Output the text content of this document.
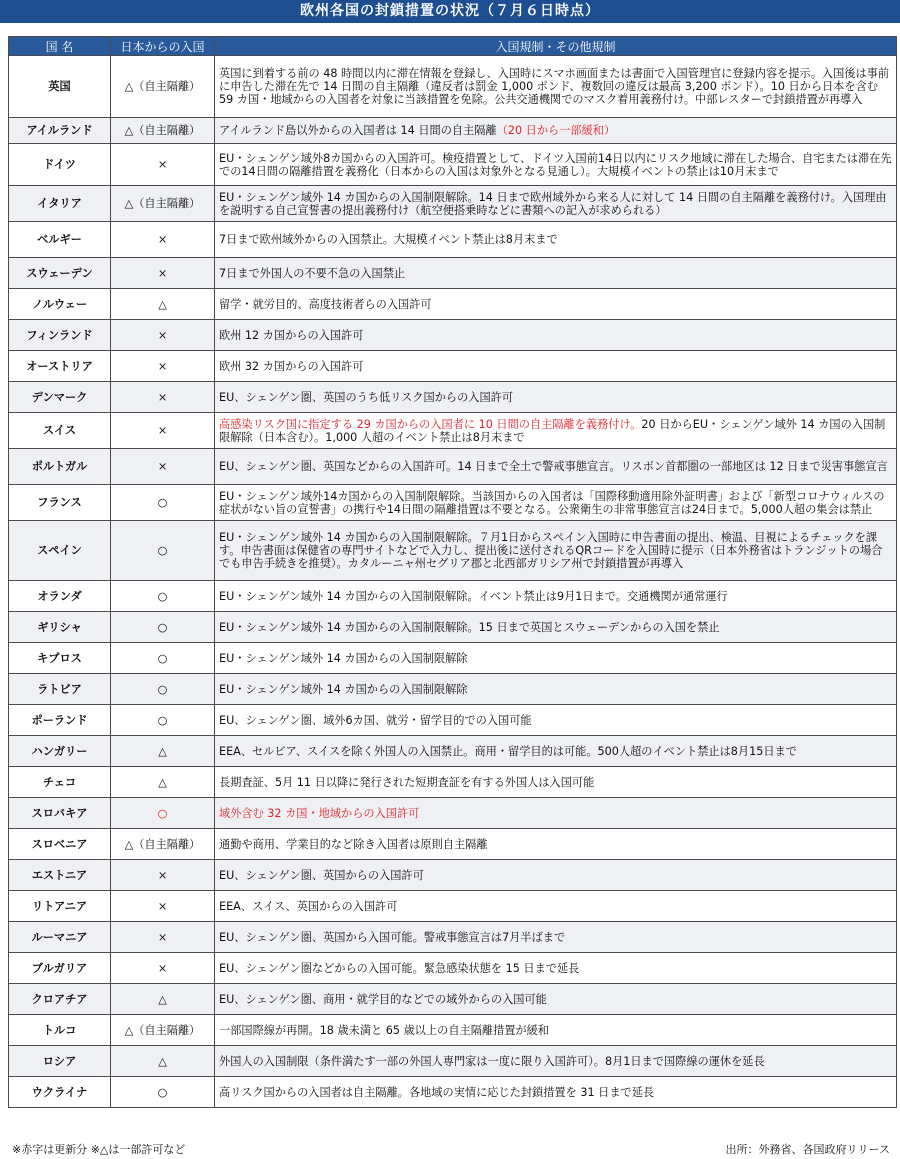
欧州各国の封鎖措置の状況（７月６日時点）
国 名	日本からの入国	入国規制・その他規制
英国	△（自主隔離）	英国に到着する前の 48 時間以内に滞在情報を登録し、入国時にスマホ画面または書面で入国管理官に登録内容を提示。入国後は事前に申告した滞在先で 14 日間の自主隔離（違反者は罰金 1,000 ポンド、複数回の違反は最高 3,200 ポンド）。10 日から日本を含む 59 カ国・地域からの入国者を対象に当該措置を免除。公共交通機関でのマスク着用義務付け。中部レスターで封鎖措置が再導入
アイルランド	△（自主隔離）	アイルランド島以外からの入国者は 14 日間の自主隔離（20 日から一部緩和）
ドイツ	×	EU・シェンゲン域外8カ国からの入国許可。検疫措置として、ドイツ入国前14日以内にリスク地域に滞在した場合、自宅または滞在先での14日間の隔離措置を義務化（日本からの入国は対象外となる見通し）。大規模イベントの禁止は10月末まで
イタリア	△（自主隔離）	EU・シェンゲン域外 14 カ国からの入国制限解除。14 日まで欧州域外から来る人に対して 14 日間の自主隔離を義務付け。入国理由を説明する自己宣誓書の提出義務付け（航空便搭乗時などに書類への記入が求められる）
ベルギー	×	7日まで欧州域外からの入国禁止。大規模イベント禁止は8月末まで
スウェーデン	×	7日まで外国人の不要不急の入国禁止
ノルウェー	△	留学・就労目的、高度技術者らの入国許可
フィンランド	×	欧州 12 カ国からの入国許可
オーストリア	×	欧州 32 カ国からの入国許可
デンマーク	×	EU、シェンゲン圏、英国のうち低リスク国からの入国許可
スイス	×	高感染リスク国に指定する 29 カ国からの入国者に 10 日間の自主隔離を義務付け。20 日からEU・シェンゲン域外 14 カ国の入国制限解除（日本含む）。1,000 人超のイベント禁止は8月末まで
ポルトガル	×	EU、シェンゲン圏、英国などからの入国許可。14 日まで全土で警戒事態宣言。リスボン首都圏の一部地区は 12 日まで災害事態宣言
フランス	○	EU・シェンゲン域外14カ国からの入国制限解除。当該国からの入国者は「国際移動適用除外証明書」および「新型コロナウィルスの症状がない旨の宣誓書」の携行や14日間の隔離措置は不要となる。公衆衛生の非常事態宣言は24日まで。5,000人超の集会は禁止
スペイン	○	EU・シェンゲン域外 14 カ国からの入国制限解除。７月1日からスペイン入国時に申告書面の提出、検温、目視によるチェックを課す。申告書面は保健省の専門サイトなどで入力し、提出後に送付されるQRコードを入国時に提示（日本外務省はトランジットの場合でも申告手続きを推奨）。カタルーニャ州セグリア郡と北西部ガリシア州で封鎖措置が再導入
オランダ	○	EU・シェンゲン域外 14 カ国からの入国制限解除。イベント禁止は9月1日まで。交通機関が通常運行
ギリシャ	○	EU・シェンゲン域外 14 カ国からの入国制限解除。15 日まで英国とスウェーデンからの入国を禁止
キプロス	○	EU・シェンゲン域外 14 カ国からの入国制限解除
ラトビア	○	EU・シェンゲン域外 14 カ国からの入国制限解除
ポーランド	○	EU、シェンゲン圏、域外6カ国、就労・留学目的での入国可能
ハンガリー	△	EEA、セルビア、スイスを除く外国人の入国禁止。商用・留学目的は可能。500人超のイベント禁止は8月15日まで
チェコ	△	長期査証、5月 11 日以降に発行された短期査証を有する外国人は入国可能
スロバキア	○	域外含む 32 カ国・地域からの入国許可
スロベニア	△（自主隔離）	通勤や商用、学業目的など除き入国者は原則自主隔離
エストニア	×	EU、シェンゲン圏、英国からの入国許可
リトアニア	×	EEA、スイス、英国からの入国許可
ルーマニア	×	EU、シェンゲン圏、英国から入国可能。警戒事態宣言は7月半ばまで
ブルガリア	×	EU、シェンゲン圏などからの入国可能。緊急感染状態を 15 日まで延長
クロアチア	△	EU、シェンゲン圏、商用・就学目的などでの域外からの入国可能
トルコ	△（自主隔離）	一部国際線が再開。18 歳未満と 65 歳以上の自主隔離措置が緩和
ロシア	△	外国人の入国制限（条件満たす一部の外国人専門家は一度に限り入国許可）。8月1日まで国際線の運休を延長
ウクライナ	○	高リスク国からの入国者は自主隔離。各地域の実情に応じた封鎖措置を 31 日まで延長
※赤字は更新分 ※△は一部許可など	出所：外務省、各国政府リリース
